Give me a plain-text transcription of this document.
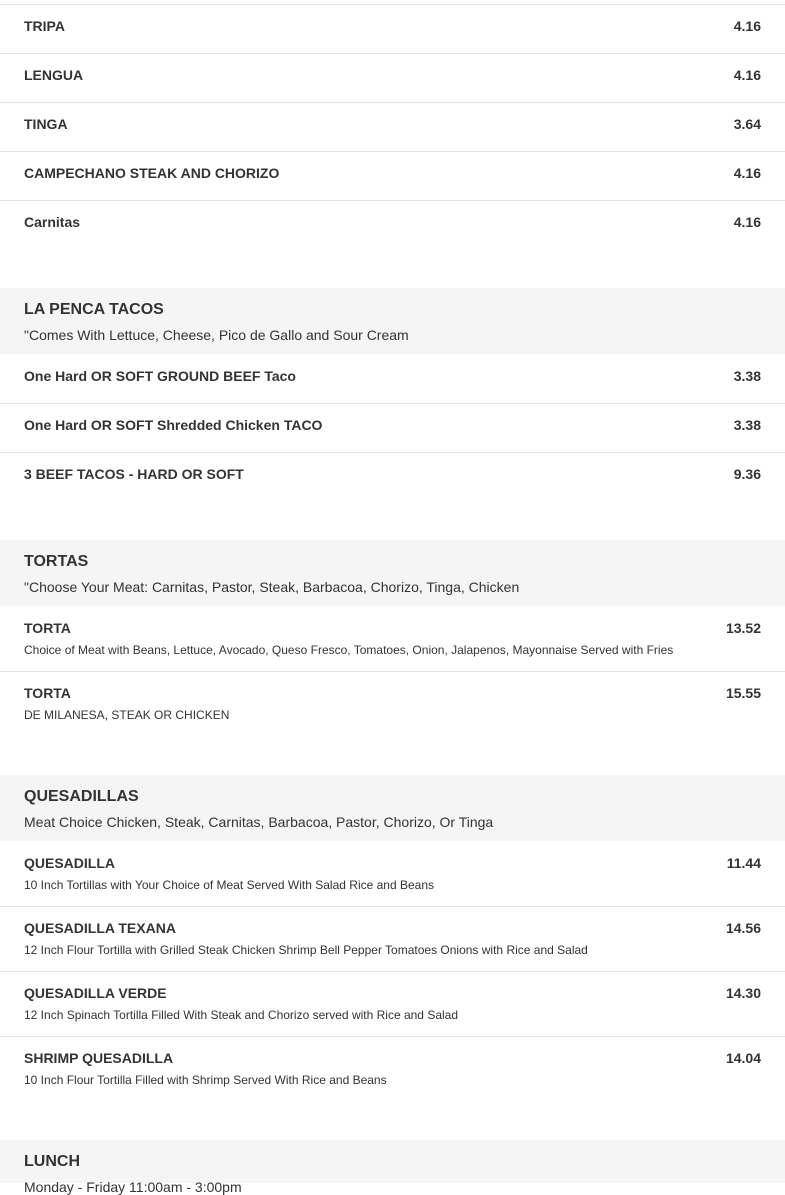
TRIPA	4.16
LENGUA	4.16
TINGA	3.64
CAMPECHANO STEAK AND CHORIZO	4.16
Carnitas	4.16
LA PENCA TACOS
"Comes With Lettuce, Cheese, Pico de Gallo and Sour Cream
One Hard OR SOFT GROUND BEEF Taco	3.38
One Hard OR SOFT Shredded Chicken TACO	3.38
3 BEEF TACOS - HARD OR SOFT	9.36
TORTAS
"Choose Your Meat: Carnitas, Pastor, Steak, Barbacoa, Chorizo, Tinga, Chicken
TORTA	13.52
Choice of Meat with Beans, Lettuce, Avocado, Queso Fresco, Tomatoes, Onion, Jalapenos, Mayonnaise Served with Fries
TORTA	15.55
DE MILANESA, STEAK OR CHICKEN
QUESADILLAS
Meat Choice Chicken, Steak, Carnitas, Barbacoa, Pastor, Chorizo, Or Tinga
QUESADILLA	11.44
10 Inch Tortillas with Your Choice of Meat Served With Salad Rice and Beans
QUESADILLA TEXANA	14.56
12 Inch Flour Tortilla with Grilled Steak Chicken Shrimp Bell Pepper Tomatoes Onions with Rice and Salad
QUESADILLA VERDE	14.30
12 Inch Spinach Tortilla Filled With Steak and Chorizo served with Rice and Salad
SHRIMP QUESADILLA	14.04
10 Inch Flour Tortilla Filled with Shrimp Served With Rice and Beans
LUNCH
Monday - Friday 11:00am - 3:00pm
